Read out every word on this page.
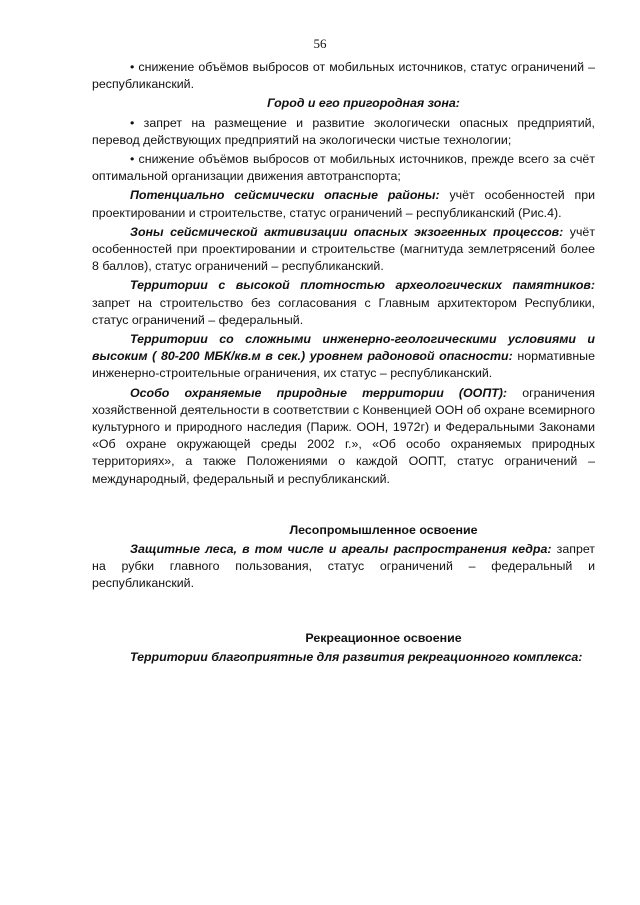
56

• снижение объёмов выбросов от мобильных источников, статус ограничений – республиканский.

Город и его пригородная зона:

• запрет на размещение и развитие экологически опасных предприятий, перевод действующих предприятий на экологически чистые технологии;

• снижение объёмов выбросов от мобильных источников, прежде всего за счёт оптимальной организации движения автотранспорта;

Потенциально сейсмически опасные районы: учёт особенностей при проектировании и строительстве, статус ограничений – республиканский (Рис.4).

Зоны сейсмической активизации опасных экзогенных процессов: учёт особенностей при проектировании и строительстве (магнитуда землетрясений более 8 баллов), статус ограничений – республиканский.

Территории с высокой плотностью археологических памятников: запрет на строительство без согласования с Главным архитектором Республики, статус ограничений – федеральный.

Территории со сложными инженерно-геологическими условиями и высоким ( 80-200 МБК/кв.м в сек.) уровнем радоновой опасности: нормативные инженерно-строительные ограничения, их статус – республиканский.

Особо охраняемые природные территории (ООПТ): ограничения хозяйственной деятельности в соответствии с Конвенцией ООН об охране всемирного культурного и природного наследия (Париж. ООН, 1972г) и Федеральными Законами «Об охране окружающей среды 2002 г.», «Об особо охраняемых природных территориях», а также Положениями о каждой ООПТ, статус ограничений – международный, федеральный и республиканский.

Лесопромышленное освоение

Защитные леса, в том числе и ареалы распространения кедра: запрет на рубки главного пользования, статус ограничений – федеральный и республиканский.

Рекреационное освоение

Территории благоприятные для развития рекреационного комплекса:
